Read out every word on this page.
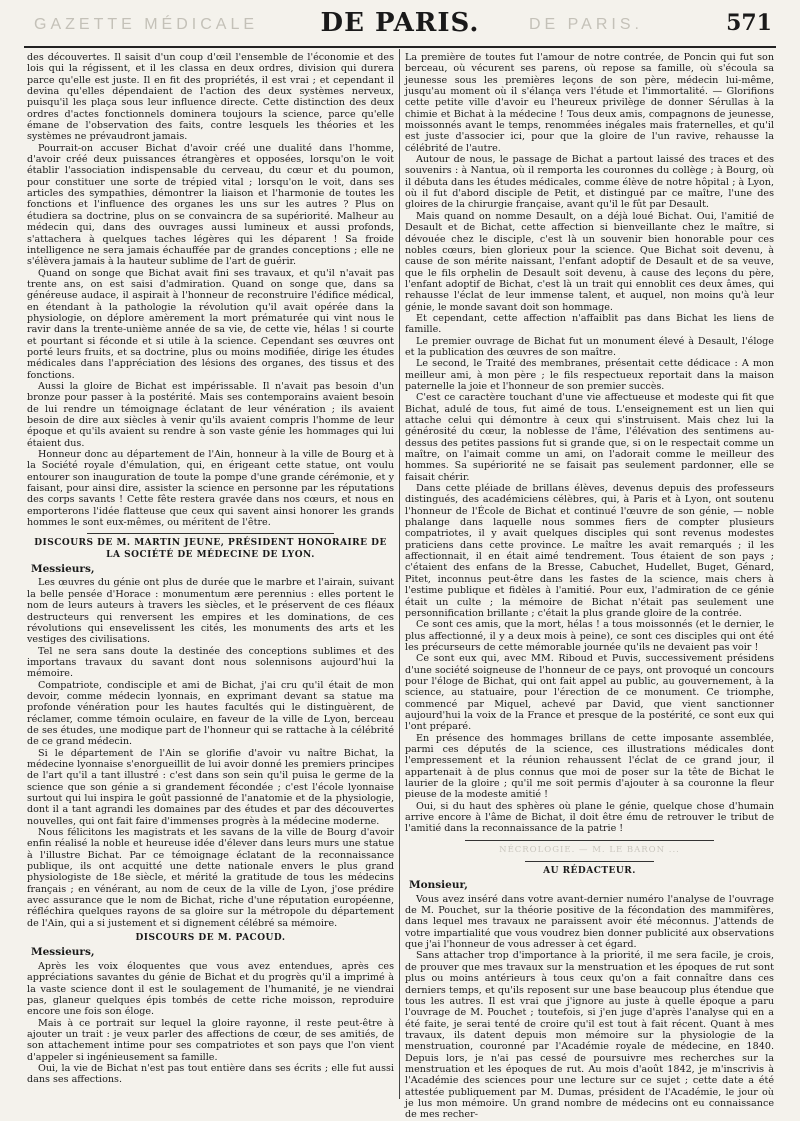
GAZETTE MÉDICALE	DE PARIS.
DE PARIS.	571

des découvertes. Il saisit d'un coup d'œil l'ensemble de l'économie et des lois qui la régissent, et il les classa en deux ordres, division qui durera parce qu'elle est juste. Il en fit des propriétés, il est vrai ; et cependant il devina qu'elles dépendaient de l'action des deux systèmes nerveux, puisqu'il les plaça sous leur influence directe. Cette distinction des deux ordres d'actes fonctionnels dominera toujours la science, parce qu'elle émane de l'observation des faits, contre lesquels les théories et les systèmes ne prévaudront jamais.

Pourrait-on accuser Bichat d'avoir créé une dualité dans l'homme, d'avoir créé deux puissances étrangères et opposées, lorsqu'on le voit établir l'association indispensable du cerveau, du cœur et du poumon, pour constituer une sorte de trépied vital ; lorsqu'on le voit, dans ses articles des sympathies, démontrer la liaison et l'harmonie de toutes les fonctions et l'influence des organes les uns sur les autres ? Plus on étudiera sa doctrine, plus on se convaincra de sa supériorité. Malheur au médecin qui, dans des ouvrages aussi lumineux et aussi profonds, s'attachera à quelques taches légères qui les déparent ! Sa froide intelligence ne sera jamais échauffée par de grandes conceptions ; elle ne s'élèvera jamais à la hauteur sublime de l'art de guérir.

Quand on songe que Bichat avait fini ses travaux, et qu'il n'avait pas trente ans, on est saisi d'admiration. Quand on songe que, dans sa généreuse audace, il aspirait à l'honneur de reconstruire l'édifice médical, en étendant à la pathologie la révolution qu'il avait opérée dans la physiologie, on déplore amèrement la mort prématurée qui vint nous le ravir dans la trente-unième année de sa vie, de cette vie, hélas ! si courte et pourtant si féconde et si utile à la science. Cependant ses œuvres ont porté leurs fruits, et sa doctrine, plus ou moins modifiée, dirige les études médicales dans l'appréciation des lésions des organes, des tissus et des fonctions.

Aussi la gloire de Bichat est impérissable. Il n'avait pas besoin d'un bronze pour passer à la postérité. Mais ses contemporains avaient besoin de lui rendre un témoignage éclatant de leur vénération ; ils avaient besoin de dire aux siècles à venir qu'ils avaient compris l'homme de leur époque et qu'ils avaient su rendre à son vaste génie les hommages qui lui étaient dus.

Honneur donc au département de l'Ain, honneur à la ville de Bourg et à la Société royale d'émulation, qui, en érigeant cette statue, ont voulu entourer son inauguration de toute la pompe d'une grande cérémonie, et y faisant, pour ainsi dire, assister la science en personne par les réputations des corps savants ! Cette fête restera gravée dans nos cœurs, et nous en emporterons l'idée flatteuse que ceux qui savent ainsi honorer les grands hommes le sont eux-mêmes, ou méritent de l'être.

DISCOURS DE M. MARTIN JEUNE, PRÉSIDENT HONORAIRE DE LA SOCIÉTÉ DE MÉDECINE DE LYON.

Messieurs,

Les œuvres du génie ont plus de durée que le marbre et l'airain, suivant la belle pensée d'Horace : monumentum ære perennius : elles portent le nom de leurs auteurs à travers les siècles, et le préservent de ces fléaux destructeurs qui renversent les empires et les dominations, de ces révolutions qui ensevelissent les cités, les monuments des arts et les vestiges des civilisations.

Tel ne sera sans doute la destinée des conceptions sublimes et des importans travaux du savant dont nous solennisons aujourd'hui la mémoire.

Compatriote, condisciple et ami de Bichat, j'ai cru qu'il était de mon devoir, comme médecin lyonnais, en exprimant devant sa statue ma profonde vénération pour les hautes facultés qui le distinguèrent, de réclamer, comme témoin oculaire, en faveur de la ville de Lyon, berceau de ses études, une modique part de l'honneur qui se rattache à la célébrité de ce grand médecin.

Si le département de l'Ain se glorifie d'avoir vu naître Bichat, la médecine lyonnaise s'enorgueillit de lui avoir donné les premiers principes de l'art qu'il a tant illustré : c'est dans son sein qu'il puisa le germe de la science que son génie a si grandement fécondée ; c'est l'école lyonnaise surtout qui lui inspira le goût passionné de l'anatomie et de la physiologie, dont il a tant agrandi les domaines par des études et par des découvertes nouvelles, qui ont fait faire d'immenses progrès à la médecine moderne.

Nous félicitons les magistrats et les savans de la ville de Bourg d'avoir enfin réalisé la noble et heureuse idée d'élever dans leurs murs une statue à l'illustre Bichat. Par ce témoignage éclatant de la reconnaissance publique, ils ont acquitté une dette nationale envers le plus grand physiologiste de 18e siècle, et mérité la gratitude de tous les médecins français ; en vénérant, au nom de ceux de la ville de Lyon, j'ose prédire avec assurance que le nom de Bichat, riche d'une réputation européenne, réfléchira quelques rayons de sa gloire sur la métropole du département de l'Ain, qui a si justement et si dignement célébré sa mémoire.

DISCOURS DE M. PACOUD.

Messieurs,

Après les voix éloquentes que vous avez entendues, après ces appréciations savantes du génie de Bichat et du progrès qu'il a imprimé à la vaste science dont il est le soulagement de l'humanité, je ne viendrai pas, glaneur quelques épis tombés de cette riche moisson, reproduire encore une fois son éloge.

Mais à ce portrait sur lequel la gloire rayonne, il reste peut-être à ajouter un trait : je veux parler des affections de cœur, de ses amitiés, de son attachement intime pour ses compatriotes et son pays que l'on vient d'appeler si ingénieusement sa famille.

Oui, la vie de Bichat n'est pas tout entière dans ses écrits ; elle fut aussi dans ses affections.

La première de toutes fut l'amour de notre contrée, de Poncin qui fut son berceau, où vécurent ses parens, où repose sa famille, où s'écoula sa jeunesse sous les premières leçons de son père, médecin lui-même, jusqu'au moment où il s'élança vers l'étude et l'immortalité. — Glorifions cette petite ville d'avoir eu l'heureux privilège de donner Sérullas à la chimie et Bichat à la médecine ! Tous deux amis, compagnons de jeunesse, moissonnés avant le temps, renommées inégales mais fraternelles, et qu'il est juste d'associer ici, pour que la gloire de l'un ravive, rehausse la célébrité de l'autre.

Autour de nous, le passage de Bichat a partout laissé des traces et des souvenirs : à Nantua, où il remporta les couronnes du collège ; à Bourg, où il débuta dans les études médicales, comme élève de notre hôpital ; à Lyon, où il fut d'abord disciple de Petit, et distingué par ce maître, l'une des gloires de la chirurgie française, avant qu'il le fût par Desault.

Mais quand on nomme Desault, on a déjà loué Bichat. Oui, l'amitié de Desault et de Bichat, cette affection si bienveillante chez le maître, si dévouée chez le disciple, c'est là un souvenir bien honorable pour ces nobles cœurs, bien glorieux pour la science. Que Bichat soit devenu, à cause de son mérite naissant, l'enfant adoptif de Desault et de sa veuve, que le fils orphelin de Desault soit devenu, à cause des leçons du père, l'enfant adoptif de Bichat, c'est là un trait qui ennoblit ces deux âmes, qui rehausse l'éclat de leur immense talent, et auquel, non moins qu'à leur génie, le monde savant doit son hommage.

Et cependant, cette affection n'affaiblit pas dans Bichat les liens de famille.

Le premier ouvrage de Bichat fut un monument élevé à Desault, l'éloge et la publication des œuvres de son maître.

Le second, le Traité des membranes, présentait cette dédicace : A mon meilleur ami, à mon père ; le fils respectueux reportait dans la maison paternelle la joie et l'honneur de son premier succès.

C'est ce caractère touchant d'une vie affectueuse et modeste qui fit que Bichat, adulé de tous, fut aimé de tous. L'enseignement est un lien qui attache celui qui démontre à ceux qui s'instruisent. Mais chez lui la générosité du cœur, la noblesse de l'âme, l'élévation des sentimens au-dessus des petites passions fut si grande que, si on le respectait comme un maître, on l'aimait comme un ami, on l'adorait comme le meilleur des hommes. Sa supériorité ne se faisait pas seulement pardonner, elle se faisait chérir.

Dans cette pléiade de brillans élèves, devenus depuis des professeurs distingués, des académiciens célèbres, qui, à Paris et à Lyon, ont soutenu l'honneur de l'École de Bichat et continué l'œuvre de son génie, — noble phalange dans laquelle nous sommes fiers de compter plusieurs compatriotes, il y avait quelques disciples qui sont revenus modestes praticiens dans cette province. Le maître les avait remarqués ; il les affectionnait, il en était aimé tendrement. Tous étaient de son pays ; c'étaient des enfans de la Bresse, Cabuchet, Hudellet, Buget, Génard, Pitet, inconnus peut-être dans les fastes de la science, mais chers à l'estime publique et fidèles à l'amitié. Pour eux, l'admiration de ce génie était un culte ; la mémoire de Bichat n'était pas seulement une personnification brillante ; c'était la plus grande gloire de la contrée.

Ce sont ces amis, que la mort, hélas ! a tous moissonnés (et le dernier, le plus affectionné, il y a deux mois à peine), ce sont ces disciples qui ont été les précurseurs de cette mémorable journée qu'ils ne devaient pas voir !

Ce sont eux qui, avec MM. Riboud et Puvis, successivement présidens d'une société soigneuse de l'honneur de ce pays, ont provoqué un concours pour l'éloge de Bichat, qui ont fait appel au public, au gouvernement, à la science, au statuaire, pour l'érection de ce monument. Ce triomphe, commencé par Miquel, achevé par David, que vient sanctionner aujourd'hui la voix de la France et presque de la postérité, ce sont eux qui l'ont préparé.

En présence des hommages brillans de cette imposante assemblée, parmi ces députés de la science, ces illustrations médicales dont l'empressement et la réunion rehaussent l'éclat de ce grand jour, il appartenait à de plus connus que moi de poser sur la tête de Bichat le laurier de la gloire ; qu'il me soit permis d'ajouter à sa couronne la fleur pieuse de la modeste amitié !

Oui, si du haut des sphères où plane le génie, quelque chose d'humain arrive encore à l'âme de Bichat, il doit être ému de retrouver le tribut de l'amitié dans la reconnaissance de la patrie !

NÉCROLOGIE. — M. LE BARON ...

AU RÉDACTEUR.

Monsieur,

Vous avez inséré dans votre avant-dernier numéro l'analyse de l'ouvrage de M. Pouchet, sur la théorie positive de la fécondation des mammifères, dans lequel mes travaux ne paraissent avoir été méconnus. J'attends de votre impartialité que vous voudrez bien donner publicité aux observations que j'ai l'honneur de vous adresser à cet égard.

Sans attacher trop d'importance à la priorité, il me sera facile, je crois, de prouver que mes travaux sur la menstruation et les époques de rut sont plus ou moins antérieurs à tous ceux qu'on a fait connaître dans ces derniers temps, et qu'ils reposent sur une base beaucoup plus étendue que tous les autres. Il est vrai que j'ignore au juste à quelle époque a paru l'ouvrage de M. Pouchet ; toutefois, si j'en juge d'après l'analyse qui en a été faite, je serai tenté de croire qu'il est tout à fait récent. Quant à mes travaux, ils datent depuis mon mémoire sur la physiologie de la menstruation, couronné par l'Académie royale de médecine, en 1840. Depuis lors, je n'ai pas cessé de poursuivre mes recherches sur la menstruation et les époques de rut. Au mois d'août 1842, je m'inscrivis à l'Académie des sciences pour une lecture sur ce sujet ; cette date a été attestée publiquement par M. Dumas, président de l'Académie, le jour où je lus mon mémoire. Un grand nombre de médecins ont eu connaissance de mes recher-
